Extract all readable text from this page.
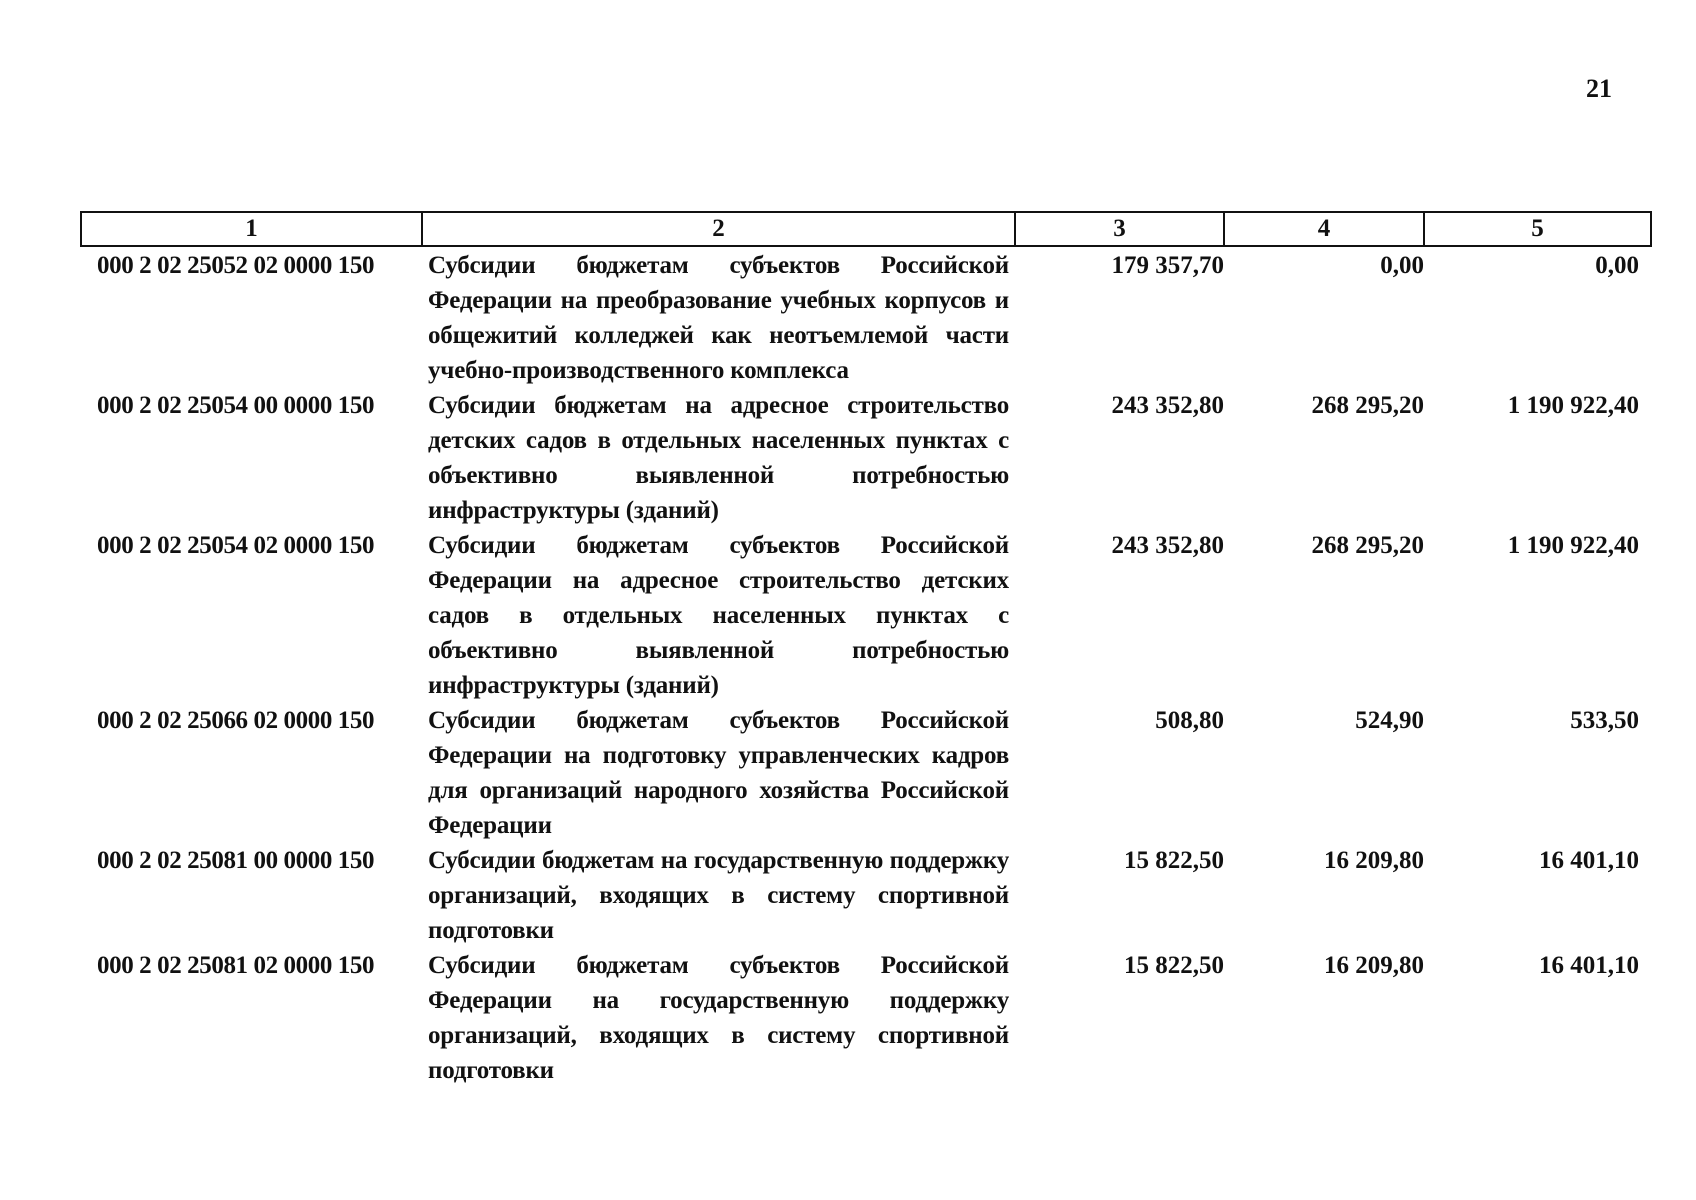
21
1	2	3	4	5
000 2 02 25052 02 0000 150	Субсидии бюджетам субъектов Российской Федерации на преобразование учебных корпусов и общежитий колледжей как неотъемлемой части учебно-производственного комплекса	179 357,70	0,00	0,00
000 2 02 25054 00 0000 150	Субсидии бюджетам на адресное строительство детских садов в отдельных населенных пунктах с объективно выявленной потребностью инфраструктуры (зданий)	243 352,80	268 295,20	1 190 922,40
000 2 02 25054 02 0000 150	Субсидии бюджетам субъектов Российской Федерации на адресное строительство детских садов в отдельных населенных пунктах с объективно выявленной потребностью инфраструктуры (зданий)	243 352,80	268 295,20	1 190 922,40
000 2 02 25066 02 0000 150	Субсидии бюджетам субъектов Российской Федерации на подготовку управленческих кадров для организаций народного хозяйства Российской Федерации	508,80	524,90	533,50
000 2 02 25081 00 0000 150	Субсидии бюджетам на государственную поддержку организаций, входящих в систему спортивной подготовки	15 822,50	16 209,80	16 401,10
000 2 02 25081 02 0000 150	Субсидии бюджетам субъектов Российской Федерации на государственную поддержку организаций, входящих в систему спортивной подготовки	15 822,50	16 209,80	16 401,10
